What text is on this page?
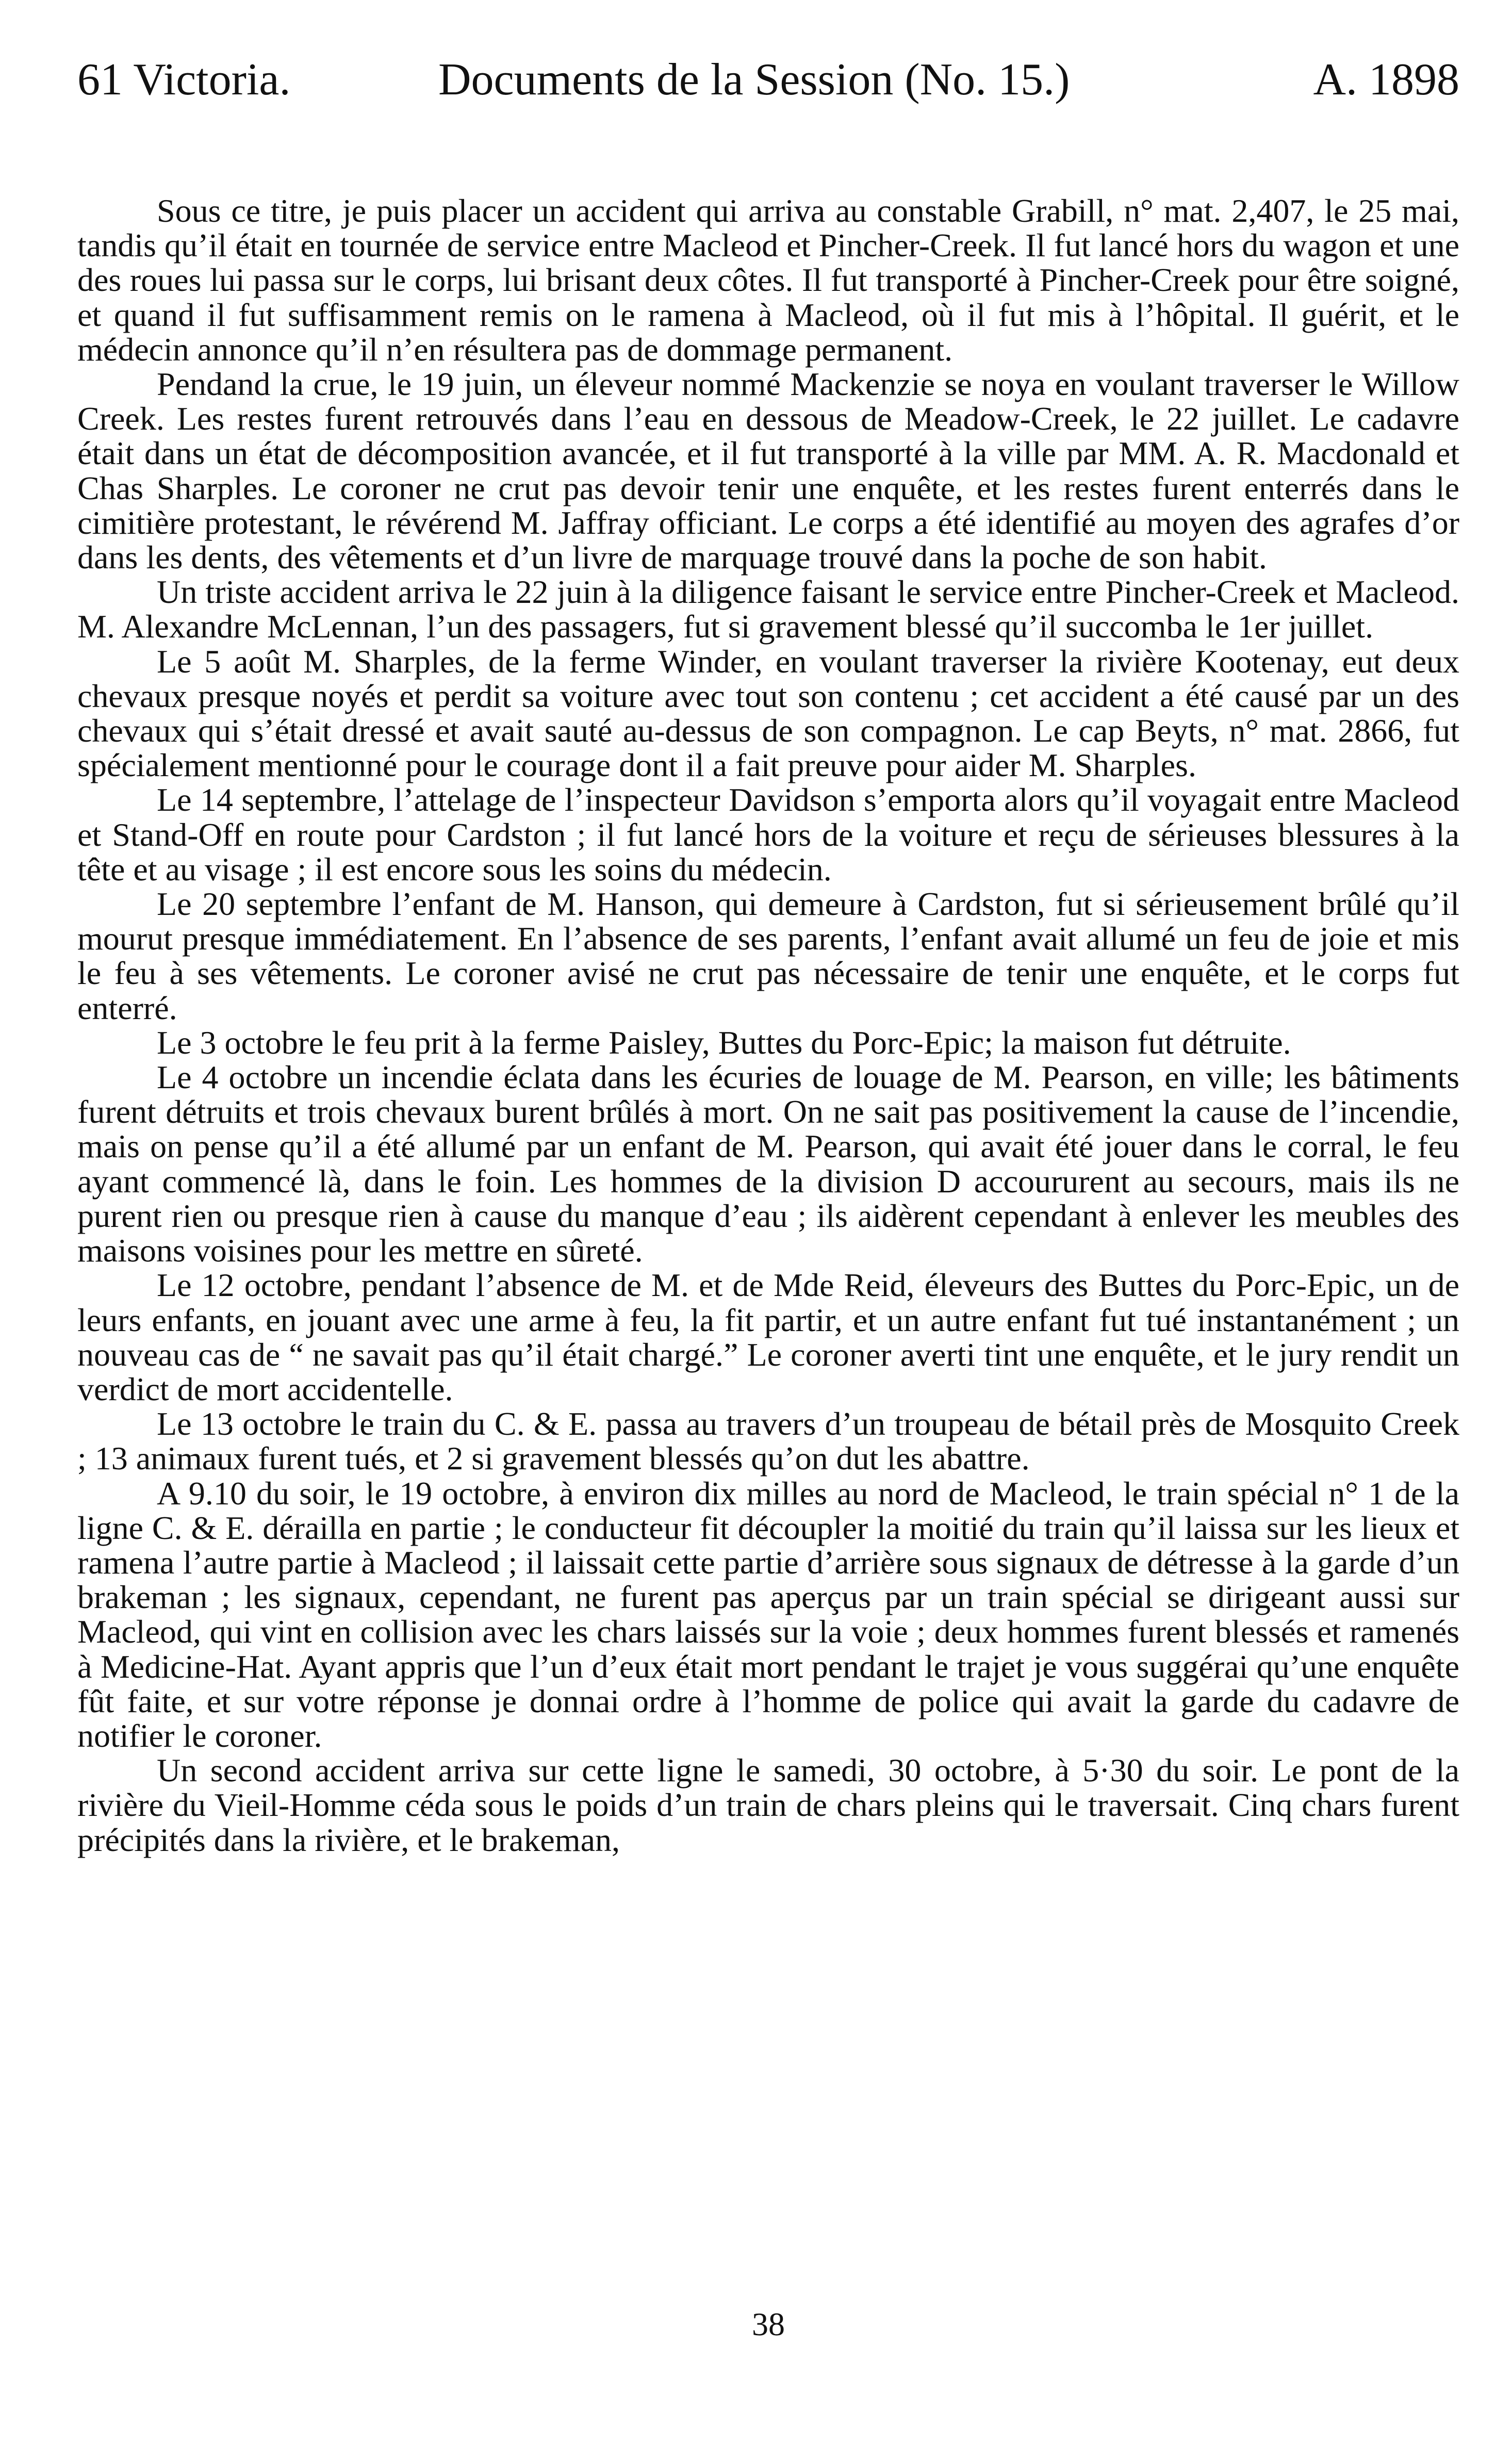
61 Victoria.	Documents de la Session (No. 15.)	A. 1898

Sous ce titre, je puis placer un accident qui arriva au constable Grabill, n° mat. 2,407, le 25 mai, tandis qu’il était en tournée de service entre Macleod et Pincher-Creek. Il fut lancé hors du wagon et une des roues lui passa sur le corps, lui brisant deux côtes. Il fut transporté à Pincher-Creek pour être soigné, et quand il fut suffisamment remis on le ramena à Macleod, où il fut mis à l’hôpital. Il guérit, et le médecin annonce qu’il n’en résultera pas de dommage permanent.

Pendand la crue, le 19 juin, un éleveur nommé Mackenzie se noya en voulant traverser le Willow Creek. Les restes furent retrouvés dans l’eau en dessous de Meadow-Creek, le 22 juillet. Le cadavre était dans un état de décomposition avancée, et il fut transporté à la ville par MM. A. R. Macdonald et Chas Sharples. Le coroner ne crut pas devoir tenir une enquête, et les restes furent enterrés dans le cimitière protestant, le révérend M. Jaffray officiant. Le corps a été identifié au moyen des agrafes d’or dans les dents, des vêtements et d’un livre de marquage trouvé dans la poche de son habit.

Un triste accident arriva le 22 juin à la diligence faisant le service entre Pincher-Creek et Macleod. M. Alexandre McLennan, l’un des passagers, fut si gravement blessé qu’il succomba le 1er juillet.

Le 5 août M. Sharples, de la ferme Winder, en voulant traverser la rivière Kootenay, eut deux chevaux presque noyés et perdit sa voiture avec tout son contenu ; cet accident a été causé par un des chevaux qui s’était dressé et avait sauté au-dessus de son compagnon. Le cap Beyts, n° mat. 2866, fut spécialement mentionné pour le courage dont il a fait preuve pour aider M. Sharples.

Le 14 septembre, l’attelage de l’inspecteur Davidson s’emporta alors qu’il voyagait entre Macleod et Stand-Off en route pour Cardston ; il fut lancé hors de la voiture et reçu de sérieuses blessures à la tête et au visage ; il est encore sous les soins du médecin.

Le 20 septembre l’enfant de M. Hanson, qui demeure à Cardston, fut si sérieusement brûlé qu’il mourut presque immédiatement. En l’absence de ses parents, l’enfant avait allumé un feu de joie et mis le feu à ses vêtements. Le coroner avisé ne crut pas nécessaire de tenir une enquête, et le corps fut enterré.

Le 3 octobre le feu prit à la ferme Paisley, Buttes du Porc-Epic; la maison fut détruite.

Le 4 octobre un incendie éclata dans les écuries de louage de M. Pearson, en ville; les bâtiments furent détruits et trois chevaux burent brûlés à mort. On ne sait pas positivement la cause de l’incendie, mais on pense qu’il a été allumé par un enfant de M. Pearson, qui avait été jouer dans le corral, le feu ayant commencé là, dans le foin. Les hommes de la division D accoururent au secours, mais ils ne purent rien ou presque rien à cause du manque d’eau ; ils aidèrent cependant à enlever les meubles des maisons voisines pour les mettre en sûreté.

Le 12 octobre, pendant l’absence de M. et de Mde Reid, éleveurs des Buttes du Porc-Epic, un de leurs enfants, en jouant avec une arme à feu, la fit partir, et un autre enfant fut tué instantanément ; un nouveau cas de “ ne savait pas qu’il était chargé.” Le coroner averti tint une enquête, et le jury rendit un verdict de mort accidentelle.

Le 13 octobre le train du C. & E. passa au travers d’un troupeau de bétail près de Mosquito Creek ; 13 animaux furent tués, et 2 si gravement blessés qu’on dut les abattre.

A 9.10 du soir, le 19 octobre, à environ dix milles au nord de Macleod, le train spécial n° 1 de la ligne C. & E. dérailla en partie ; le conducteur fit découpler la moitié du train qu’il laissa sur les lieux et ramena l’autre partie à Macleod ; il laissait cette partie d’arrière sous signaux de détresse à la garde d’un brakeman ; les signaux, cependant, ne furent pas aperçus par un train spécial se dirigeant aussi sur Macleod, qui vint en collision avec les chars laissés sur la voie ; deux hommes furent blessés et ramenés à Medicine-Hat. Ayant appris que l’un d’eux était mort pendant le trajet je vous suggérai qu’une enquête fût faite, et sur votre réponse je donnai ordre à l’homme de police qui avait la garde du cadavre de notifier le coroner.

Un second accident arriva sur cette ligne le samedi, 30 octobre, à 5·30 du soir. Le pont de la rivière du Vieil-Homme céda sous le poids d’un train de chars pleins qui le traversait. Cinq chars furent précipités dans la rivière, et le brakeman,

38
